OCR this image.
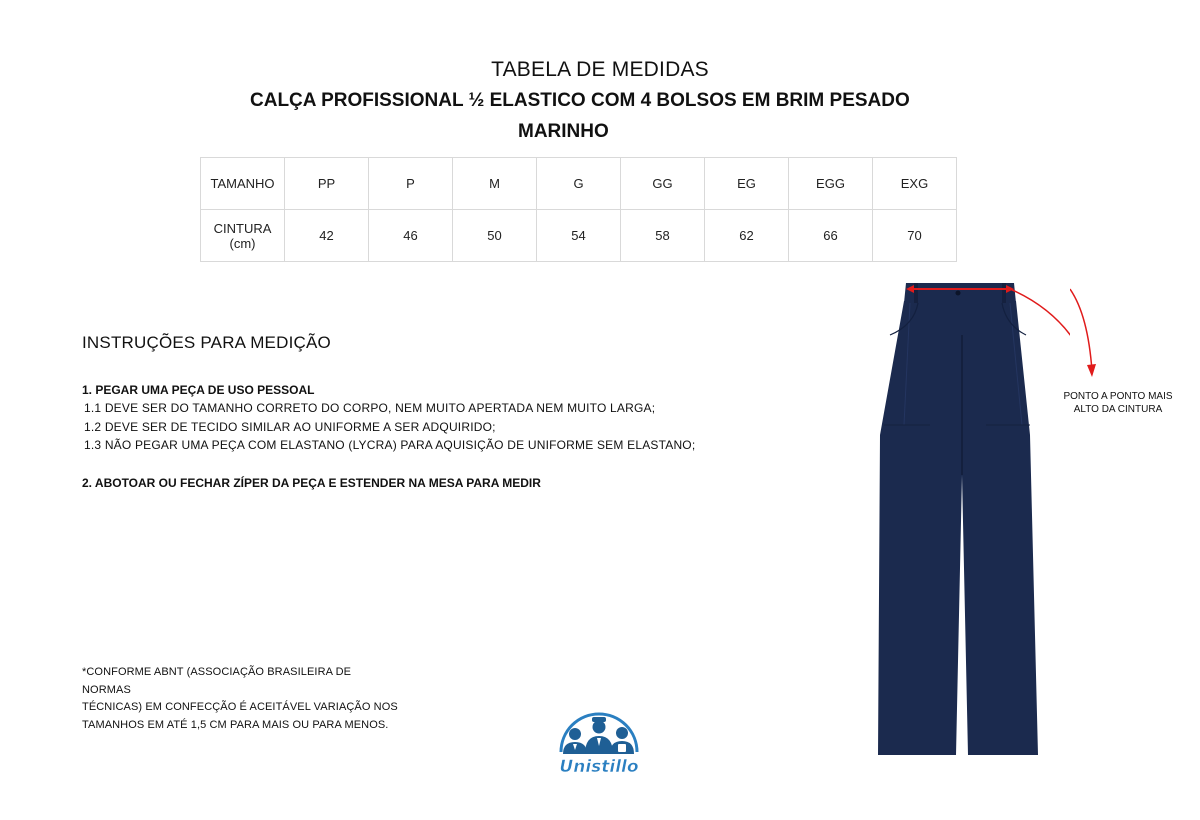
TABELA DE MEDIDAS
CALÇA PROFISSIONAL ½ ELASTICO COM 4 BOLSOS EM BRIM PESADO
MARINHO
TAMANHO	PP	P	M	G	GG	EG	EGG	EXG

CINTURA
(cm)	42	46	50	54	58	62	66	70
INSTRUÇÕES PARA MEDIÇÃO
1. PEGAR UMA PEÇA DE USO PESSOAL
1.1 DEVE SER DO TAMANHO CORRETO DO CORPO, NEM MUITO APERTADA NEM MUITO LARGA;
1.2 DEVE SER DE TECIDO SIMILAR AO UNIFORME A SER ADQUIRIDO;
1.3 NÃO PEGAR UMA PEÇA COM ELASTANO (LYCRA) PARA AQUISIÇÃO DE UNIFORME SEM ELASTANO;
2. ABOTOAR OU FECHAR ZÍPER DA PEÇA E ESTENDER NA MESA PARA MEDIR
*CONFORME ABNT (ASSOCIAÇÃO BRASILEIRA DE NORMAS
TÉCNICAS) EM CONFECÇÃO É ACEITÁVEL VARIAÇÃO NOS
TAMANHOS EM ATÉ 1,5 CM PARA MAIS OU PARA MENOS.
Unistillo
PONTO A PONTO MAIS
ALTO DA CINTURA
